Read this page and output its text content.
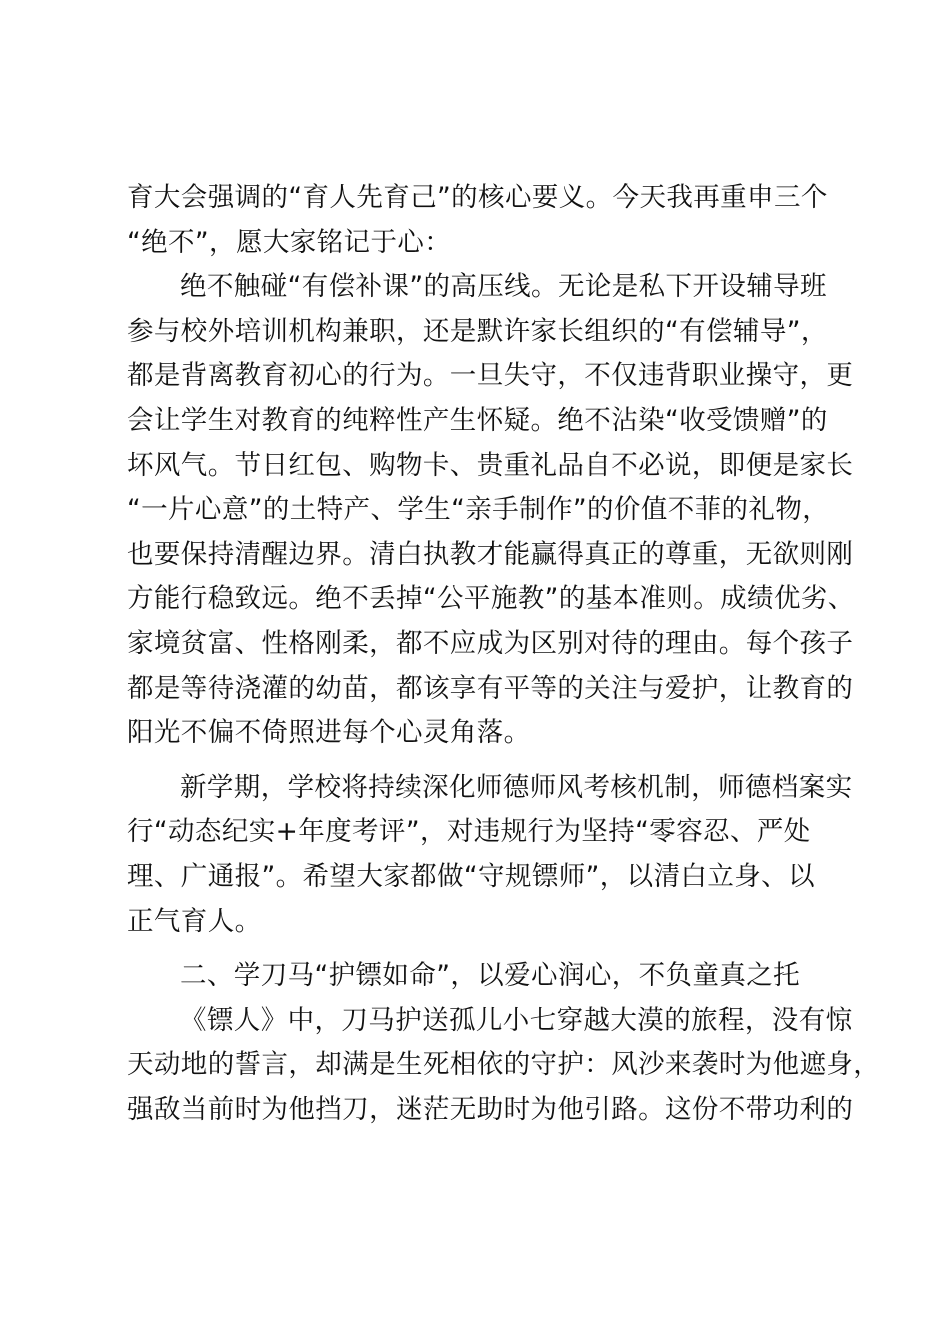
育大会强调的“育人先育己”的核心要义。今天我再重申三个
“绝不”，愿大家铭记于心：
绝不触碰“有偿补课”的高压线。无论是私下开设辅导班
参与校外培训机构兼职，还是默许家长组织的“有偿辅导”，
都是背离教育初心的行为。一旦失守，不仅违背职业操守，更
会让学生对教育的纯粹性产生怀疑。绝不沾染“收受馈赠”的
坏风气。节日红包、购物卡、贵重礼品自不必说，即便是家长
“一片心意”的土特产、学生“亲手制作”的价值不菲的礼物，
也要保持清醒边界。清白执教才能赢得真正的尊重，无欲则刚
方能行稳致远。绝不丢掉“公平施教”的基本准则。成绩优劣、
家境贫富、性格刚柔，都不应成为区别对待的理由。每个孩子
都是等待浇灌的幼苗，都该享有平等的关注与爱护，让教育的
阳光不偏不倚照进每个心灵角落。
新学期，学校将持续深化师德师风考核机制，师德档案实
行“动态纪实+年度考评”，对违规行为坚持“零容忍、严处
理、广通报”。希望大家都做“守规镖师”，以清白立身、以
正气育人。
二、学刀马“护镖如命”，以爱心润心，不负童真之托
《镖人》中，刀马护送孤儿小七穿越大漠的旅程，没有惊
天动地的誓言，却满是生死相依的守护：风沙来袭时为他遮身，
强敌当前时为他挡刀，迷茫无助时为他引路。这份不带功利的
